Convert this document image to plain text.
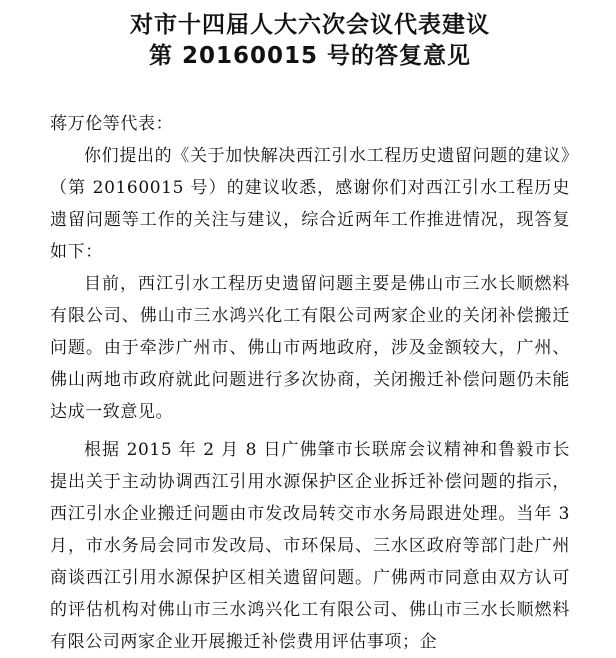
对市十四届人大六次会议代表建议
第 20160015 号的答复意见

蒋万伦等代表：

你们提出的《关于加快解决西江引水工程历史遗留问题的建议》（第 20160015 号）的建议收悉，感谢你们对西江引水工程历史遗留问题等工作的关注与建议，综合近两年工作推进情况，现答复如下：

目前，西江引水工程历史遗留问题主要是佛山市三水长顺燃料有限公司、佛山市三水鸿兴化工有限公司两家企业的关闭补偿搬迁问题。由于牵涉广州市、佛山市两地政府，涉及金额较大，广州、佛山两地市政府就此问题进行多次协商，关闭搬迁补偿问题仍未能达成一致意见。

根据 2015 年 2 月 8 日广佛肇市长联席会议精神和鲁毅市长提出关于主动协调西江引用水源保护区企业拆迁补偿问题的指示，西江引水企业搬迁问题由市发改局转交市水务局跟进处理。当年 3 月，市水务局会同市发改局、市环保局、三水区政府等部门赴广州商谈西江引用水源保护区相关遗留问题。广佛两市同意由双方认可的评估机构对佛山市三水鸿兴化工有限公司、佛山市三水长顺燃料有限公司两家企业开展搬迁补偿费用评估事项；企
